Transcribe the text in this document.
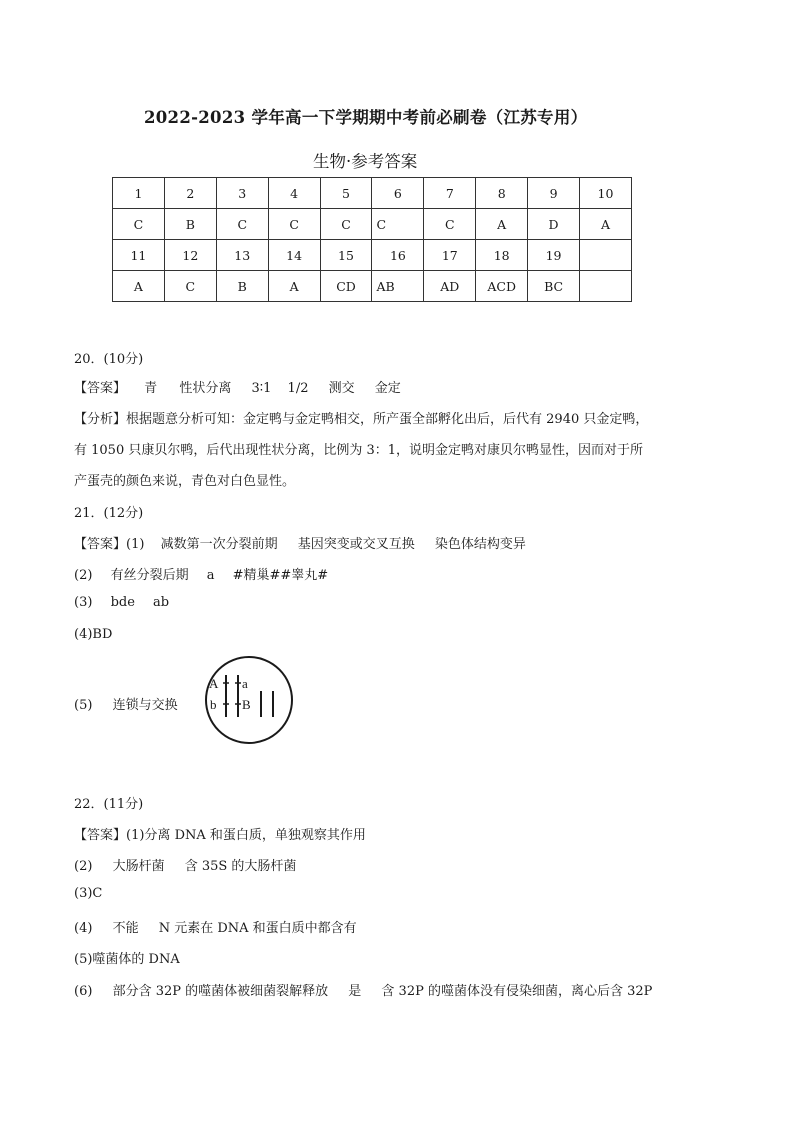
2022-2023 学年高一下学期期中考前必刷卷（江苏专用）
生物·参考答案
1	2	3	4	5	6	7	8	9	10
C	B	C	C	C	C	C	A	D	A
11	12	13	14	15	16	17	18	19	
A	C	B	A	CD	AB	AD	ACD	BC	
20．(10分)
【答案】 青 性状分离 3∶1 1/2 测交 金定
【分析】根据题意分析可知：金定鸭与金定鸭相交，所产蛋全部孵化出后，后代有 2940 只金定鸭，
有 1050 只康贝尔鸭，后代出现性状分离，比例为 3：1，说明金定鸭对康贝尔鸭显性，因而对于所
产蛋壳的颜色来说，青色对白色显性。
21．(12分)
【答案】(1) 减数第一次分裂前期 基因突变或交叉互换 染色体结构变异
(2) 有丝分裂后期 a #精巢##睾丸#
(3) bde ab
(4)BD
(5) 连锁与交换
A a
b B
22．(11分)
【答案】(1)分离 DNA 和蛋白质，单独观察其作用
(2) 大肠杆菌 含 35S 的大肠杆菌
(3)C
(4) 不能 N 元素在 DNA 和蛋白质中都含有
(5)噬菌体的 DNA
(6) 部分含 32P 的噬菌体被细菌裂解释放 是 含 32P 的噬菌体没有侵染细菌，离心后含 32P
